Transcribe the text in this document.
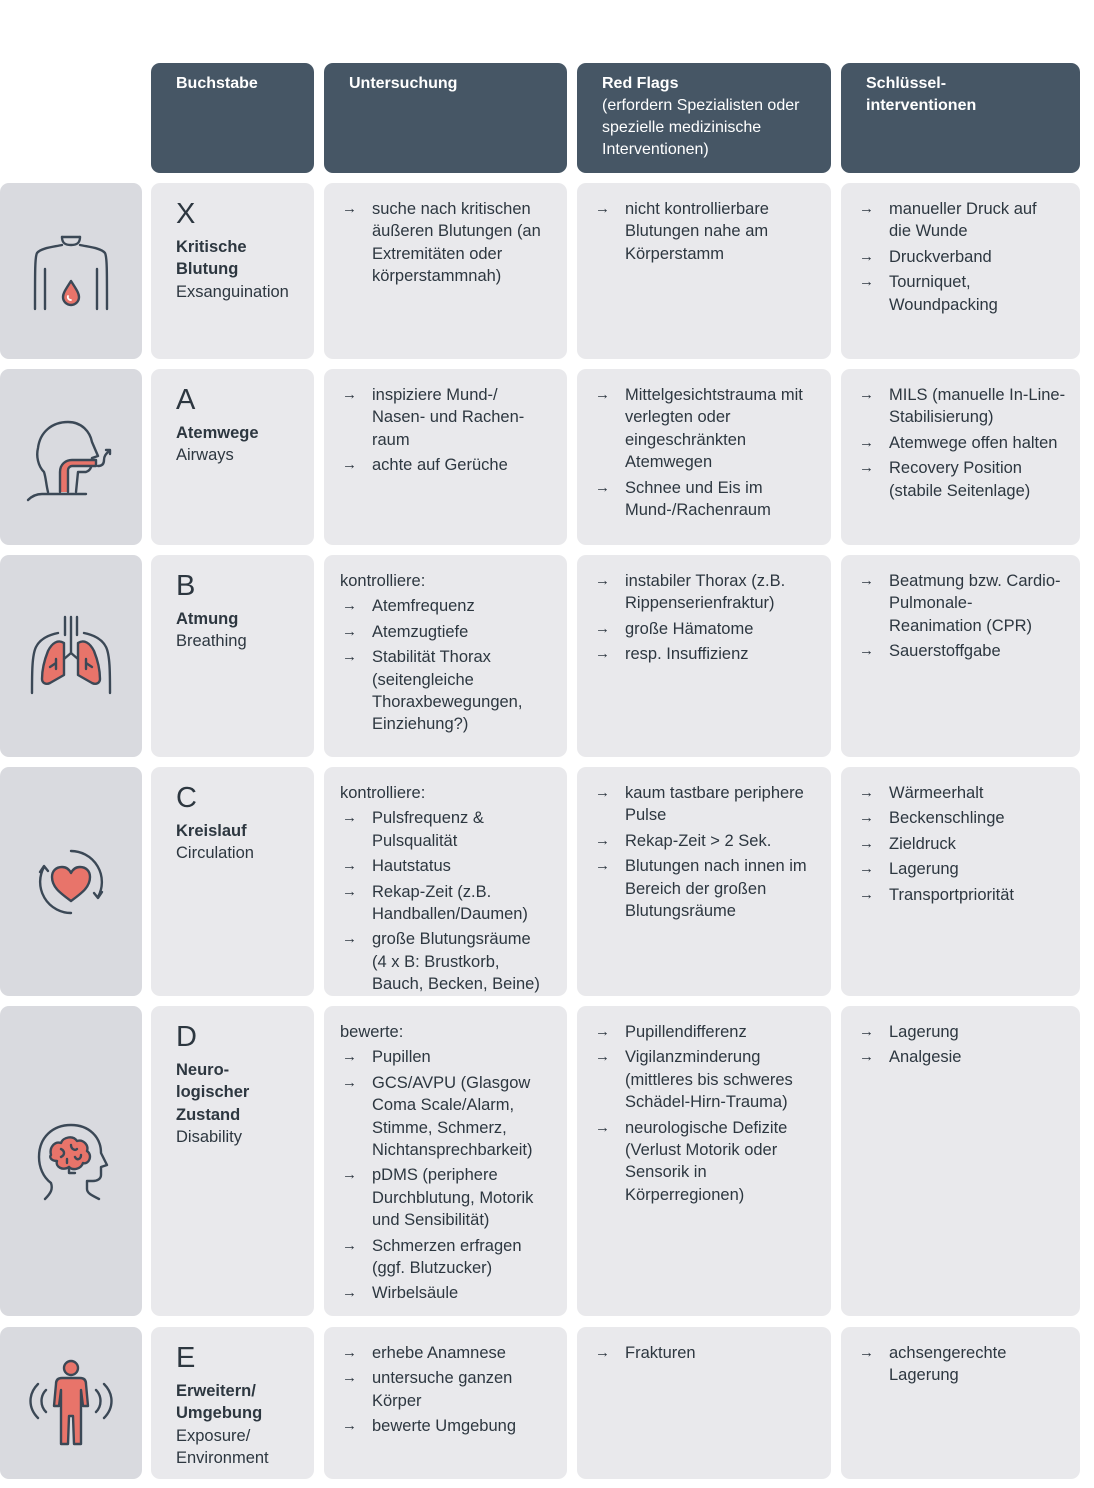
Buchstabe	Untersuchung	Red Flags
(erfordern Spezialisten oder spezielle medizinische Interventionen)
Schlüssel-interventionen
X
Kritische Blutung
Exsanguination
→ suche nach kritischen äußeren Blutungen (an Extremitäten oder körperstammnah)
→ nicht kontrollierbare Blutungen nahe am Körperstamm
→ manueller Druck auf die Wunde
→ Druckverband
→ Tourniquet, Woundpacking
A
Atemwege
Airways
→ inspiziere Mund-/ Nasen- und Rachen-raum
→ achte auf Gerüche
→ Mittelgesichtstrauma mit verlegten oder eingeschränkten Atemwegen
→ Schnee und Eis im Mund-/Rachenraum
→ MILS (manuelle In-Line-Stabilisierung)
→ Atemwege offen halten
→ Recovery Position (stabile Seitenlage)
B
Atmung
Breathing
kontrolliere:
→ Atemfrequenz
→ Atemzugtiefe
→ Stabilität Thorax (seitengleiche Thoraxbewegungen, Einziehung?)
→ instabiler Thorax (z.B. Rippenserienfraktur)
→ große Hämatome
→ resp. Insuffizienz
→ Beatmung bzw. Cardio-Pulmonale-Reanimation (CPR)
→ Sauerstoffgabe
C
Kreislauf
Circulation
kontrolliere:
→ Pulsfrequenz & Pulsqualität
→ Hautstatus
→ Rekap-Zeit (z.B. Handballen/Daumen)
→ große Blutungsräume (4 x B: Brustkorb, Bauch, Becken, Beine)
→ kaum tastbare periphere Pulse
→ Rekap-Zeit > 2 Sek.
→ Blutungen nach innen im Bereich der großen Blutungsräume
→ Wärmeerhalt
→ Beckenschlinge
→ Zieldruck
→ Lagerung
→ Transportpriorität
D
Neuro-logischer Zustand
Disability
bewerte:
→ Pupillen
→ GCS/AVPU (Glasgow Coma Scale/Alarm, Stimme, Schmerz, Nichtansprechbarkeit)
→ pDMS (periphere Durchblutung, Motorik und Sensibilität)
→ Schmerzen erfragen (ggf. Blutzucker)
→ Wirbelsäule
→ Pupillendifferenz
→ Vigilanzminderung (mittleres bis schweres Schädel-Hirn-Trauma)
→ neurologische Defizite (Verlust Motorik oder Sensorik in Körperregionen)
→ Lagerung
→ Analgesie
E
Erweitern/ Umgebung
Exposure/ Environment
→ erhebe Anamnese
→ untersuche ganzen Körper
→ bewerte Umgebung
→ Frakturen
→	achsengerechte Lagerung
